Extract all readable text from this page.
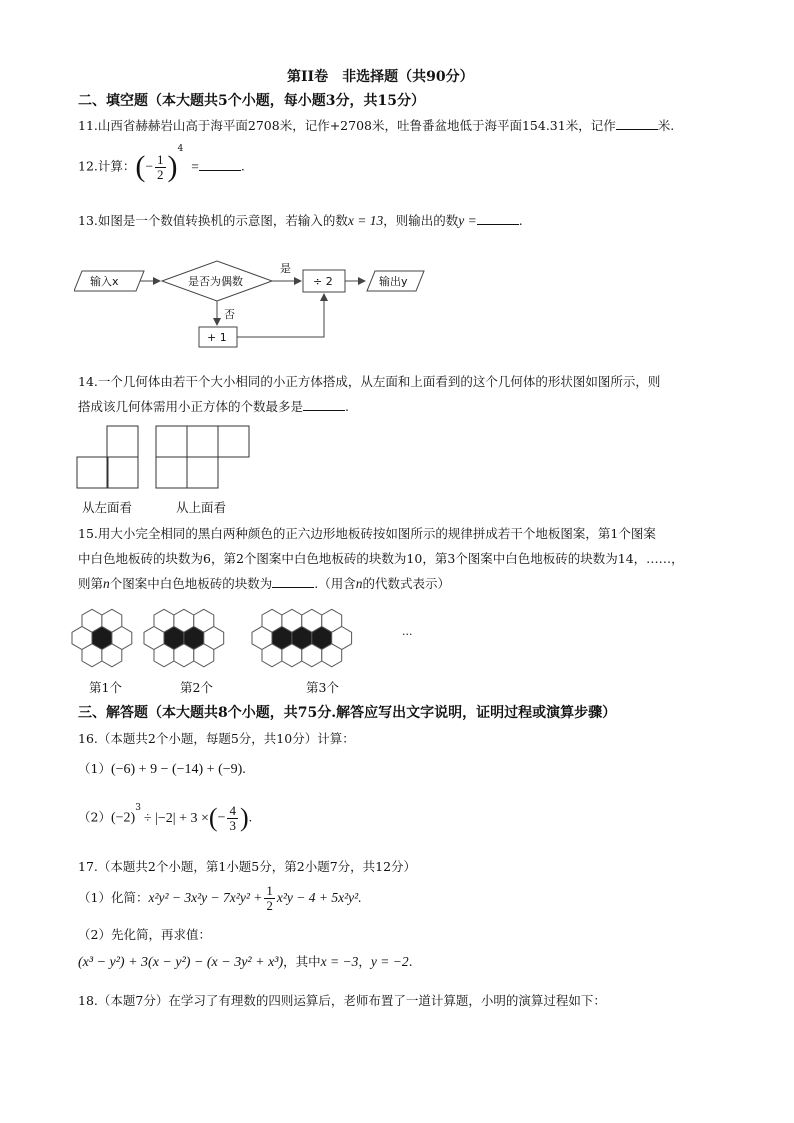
第II卷　非选择题（共90分）
二、填空题（本大题共5个小题，每小题3分，共15分）
11.山西省赫赫岩山高于海平面2708米，记作+2708米，吐鲁番盆地低于海平面154.31米，记作	米.
12.计算：(− $\frac{1}{2} )^4$ =	.
13.如图是一个数值转换机的示意图，若输入的数x = 13，则输出的数y =	.
输入x	是否为偶数
是
÷ 2	输出y
否
+ 1
14.一个几何体由若干个大小相同的小正方体搭成，从左面和上面看到的这个几何体的形状图如图所示，则
搭成该几何体需用小正方体的个数最多是	.
从左面看	从上面看
15.用大小完全相同的黑白两种颜色的正六边形地板砖按如图所示的规律拼成若干个地板图案，第1个图案
中白色地板砖的块数为6，第2个图案中白色地板砖的块数为10，第3个图案中白色地板砖的块数为14，……，
则第n个图案中白色地板砖的块数为	.（用含n的代数式表示）
···
第1个	第2个	第3个
三、解答题（本大题共8个小题，共75分.解答应写出文字说明，证明过程或演算步骤）
16.（本题共2个小题，每题5分，共10分）计算：
（1）(−6) + 9 − (−14) + (−9).
$(2)(-2)^3\div |-2| + 3$ ×(− $\frac{4}{3}$ ).
17.（本题共2个小题，第1小题5分，第2小题7分，共12分）
（1）化简：$x^2y^2 - 3x^2y - 7x^2y^2 + \frac{1}{2} x^2y - 4 + 5x^2y^2$.
（2）先化简，再求值：
(x³ − y²) + 3(x − y²) − (x − 3y² + x³)，其中x = −3，y = −2.
18.（本题7分）在学习了有理数的四则运算后，老师布置了一道计算题，小明的演算过程如下：
